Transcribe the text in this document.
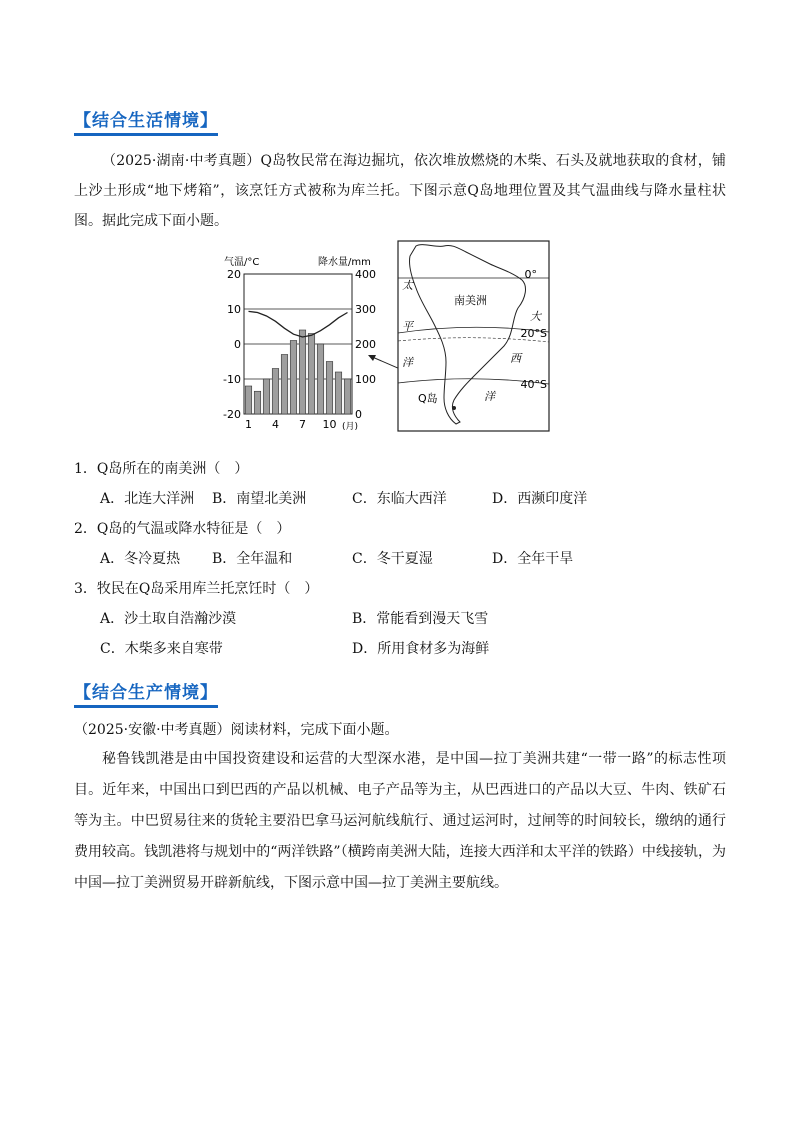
【结合生活情境】

（2025·湖南·中考真题）Q岛牧民常在海边掘坑，依次堆放燃烧的木柴、石头及就地获取的食材，铺上沙土形成“地下烤箱”，该烹饪方式被称为库兰托。下图示意Q岛地理位置及其气温曲线与降水量柱状图。据此完成下面小题。

气温/°C	降水量/mm
20
10
0
-10
-20
400
300
200
100
0
1 4 7 10 (月)
0°
20°S
40°S
南美洲
太
平
洋
大
西
洋
Q岛
1．Q岛所在的南美洲（　）
A．北连大洋洲 B．南望北美洲	C．东临大西洋	D．西濒印度洋
2．Q岛的气温或降水特征是（　）
A．冬冷夏热 B．全年温和	C．冬干夏湿	D．全年干旱
3．牧民在Q岛采用库兰托烹饪时（　）
A．沙土取自浩瀚沙漠	B．常能看到漫天飞雪
C．木柴多来自寒带	D．所用食材多为海鲜
【结合生产情境】
（2025·安徽·中考真题）阅读材料，完成下面小题。

秘鲁钱凯港是由中国投资建设和运营的大型深水港，是中国—拉丁美洲共建“一带一路”的标志性项目。近年来，中国出口到巴西的产品以机械、电子产品等为主，从巴西进口的产品以大豆、牛肉、铁矿石等为主。中巴贸易往来的货轮主要沿巴拿马运河航线航行、通过运河时，过闸等的时间较长，缴纳的通行费用较高。钱凯港将与规划中的“两洋铁路”（横跨南美洲大陆，连接大西洋和太平洋的铁路）中线接轨，为中国—拉丁美洲贸易开辟新航线，下图示意中国—拉丁美洲主要航线。
